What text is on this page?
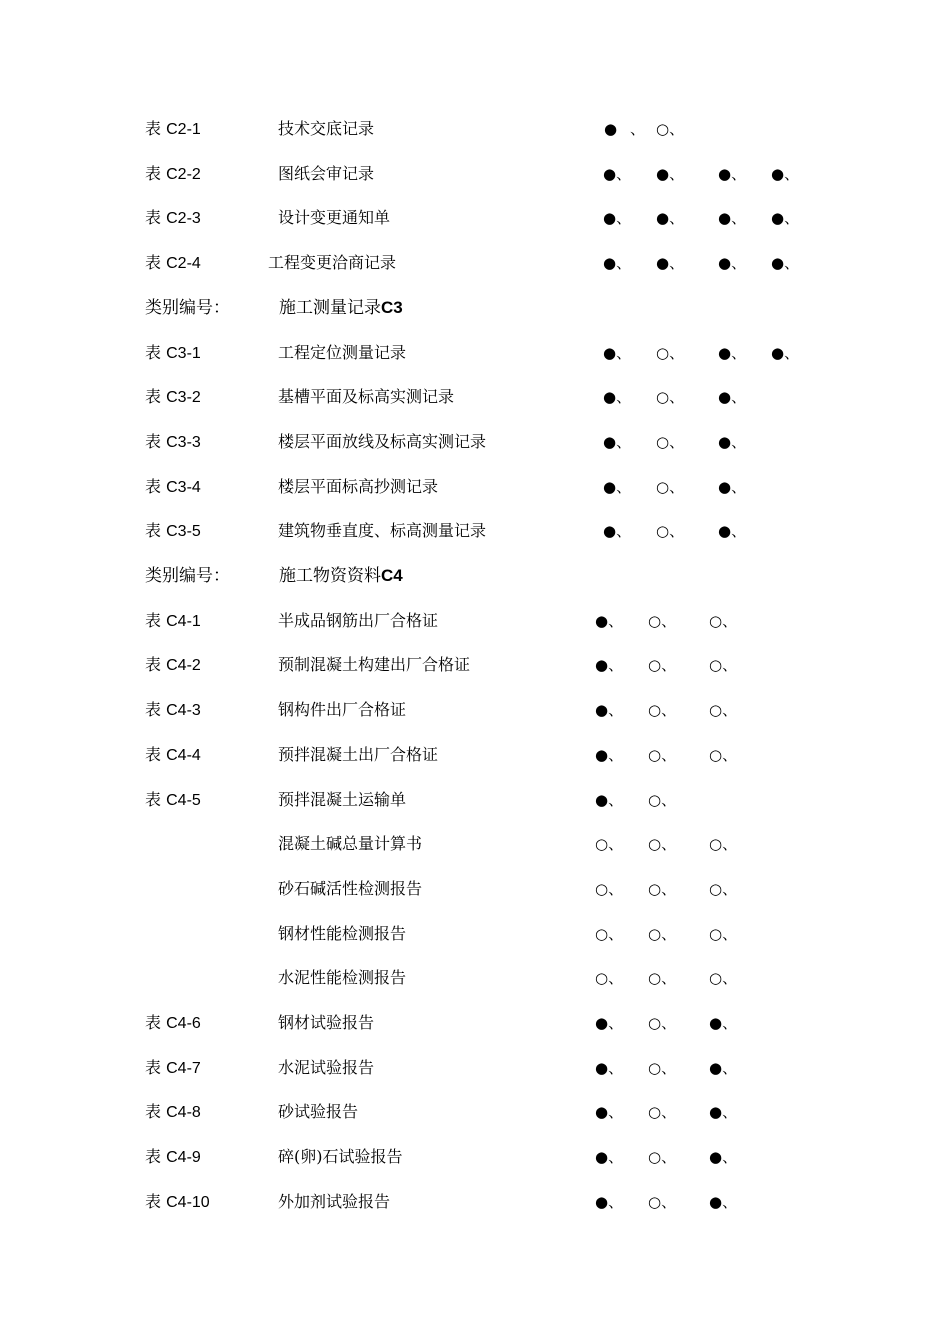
表 C2-1	技术交底记录	● 、 ○、
表 C2-2	图纸会审记录	●、 ●、 ●、 ●、
表 C2-3	设计变更通知单	●、 ●、 ●、 ●、
表 C2-4	工程变更洽商记录	●、 ●、 ●、 ●、
类别编号：	施工测量记录C3
表 C3-1	工程定位测量记录	●、 ○、 ●、 ●、
表 C3-2	基槽平面及标高实测记录	●、 ○、 ●、
表 C3-3	楼层平面放线及标高实测记录	●、 ○、 ●、
表 C3-4	楼层平面标高抄测记录	●、 ○、 ●、
表 C3-5	建筑物垂直度、标高测量记录	●、 ○、 ●、
类别编号：	施工物资资料C4
表 C4-1	半成品钢筋出厂合格证	●、 ○、 ○、
表 C4-2	预制混凝土构建出厂合格证	●、 ○、 ○、
表 C4-3	钢构件出厂合格证	●、 ○、 ○、
表 C4-4	预拌混凝土出厂合格证	●、 ○、 ○、
表 C4-5	预拌混凝土运输单	●、 ○、
混凝土碱总量计算书	○、 ○、 ○、
砂石碱活性检测报告	○、 ○、 ○、
钢材性能检测报告	○、 ○、 ○、
水泥性能检测报告	○、 ○、 ○、
表 C4-6	钢材试验报告	●、 ○、 ●、
表 C4-7	水泥试验报告	●、 ○、 ●、
表 C4-8	砂试验报告	●、 ○、 ●、
表 C4-9	碎(卵)石试验报告	●、 ○、 ●、
表 C4-10	外加剂试验报告	●、 ○、 ●、
